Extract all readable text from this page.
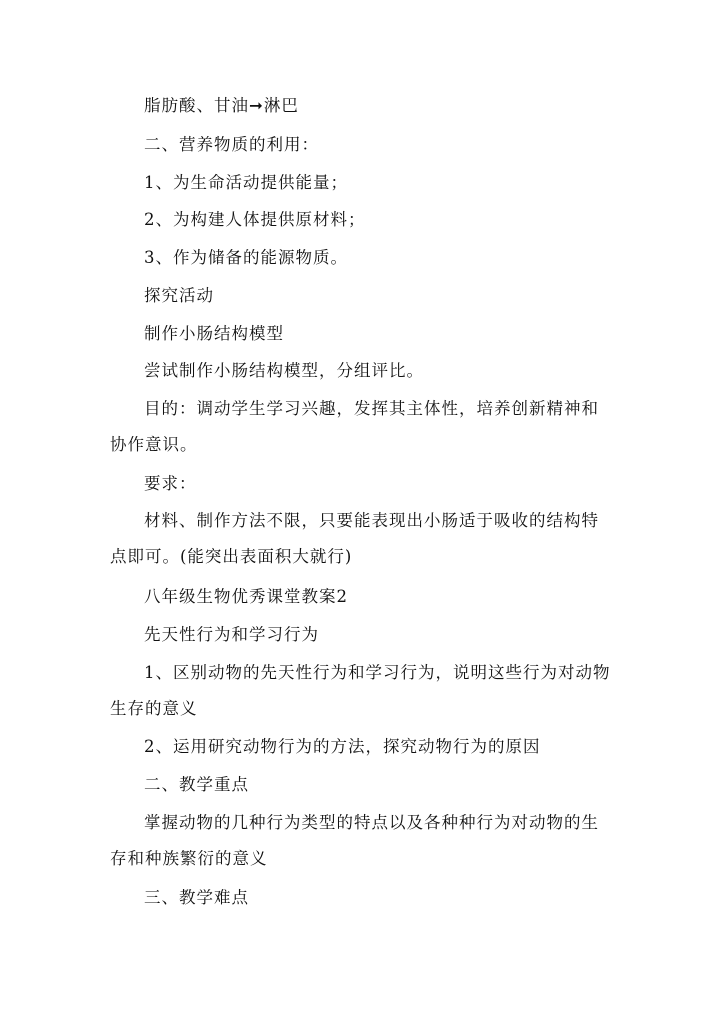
脂肪酸、甘油➞淋巴

二、营养物质的利用：

1、为生命活动提供能量；

2、为构建人体提供原材料；

3、作为储备的能源物质。

探究活动

制作小肠结构模型

尝试制作小肠结构模型，分组评比。

目的：调动学生学习兴趣，发挥其主体性，培养创新精神和协作意识。

要求：

材料、制作方法不限，只要能表现出小肠适于吸收的结构特点即可。(能突出表面积大就行)

八年级生物优秀课堂教案2

先天性行为和学习行为

1、区别动物的先天性行为和学习行为，说明这些行为对动物生存的意义

2、运用研究动物行为的方法，探究动物行为的原因

二、教学重点

掌握动物的几种行为类型的特点以及各种种行为对动物的生存和种族繁衍的意义

三、教学难点
